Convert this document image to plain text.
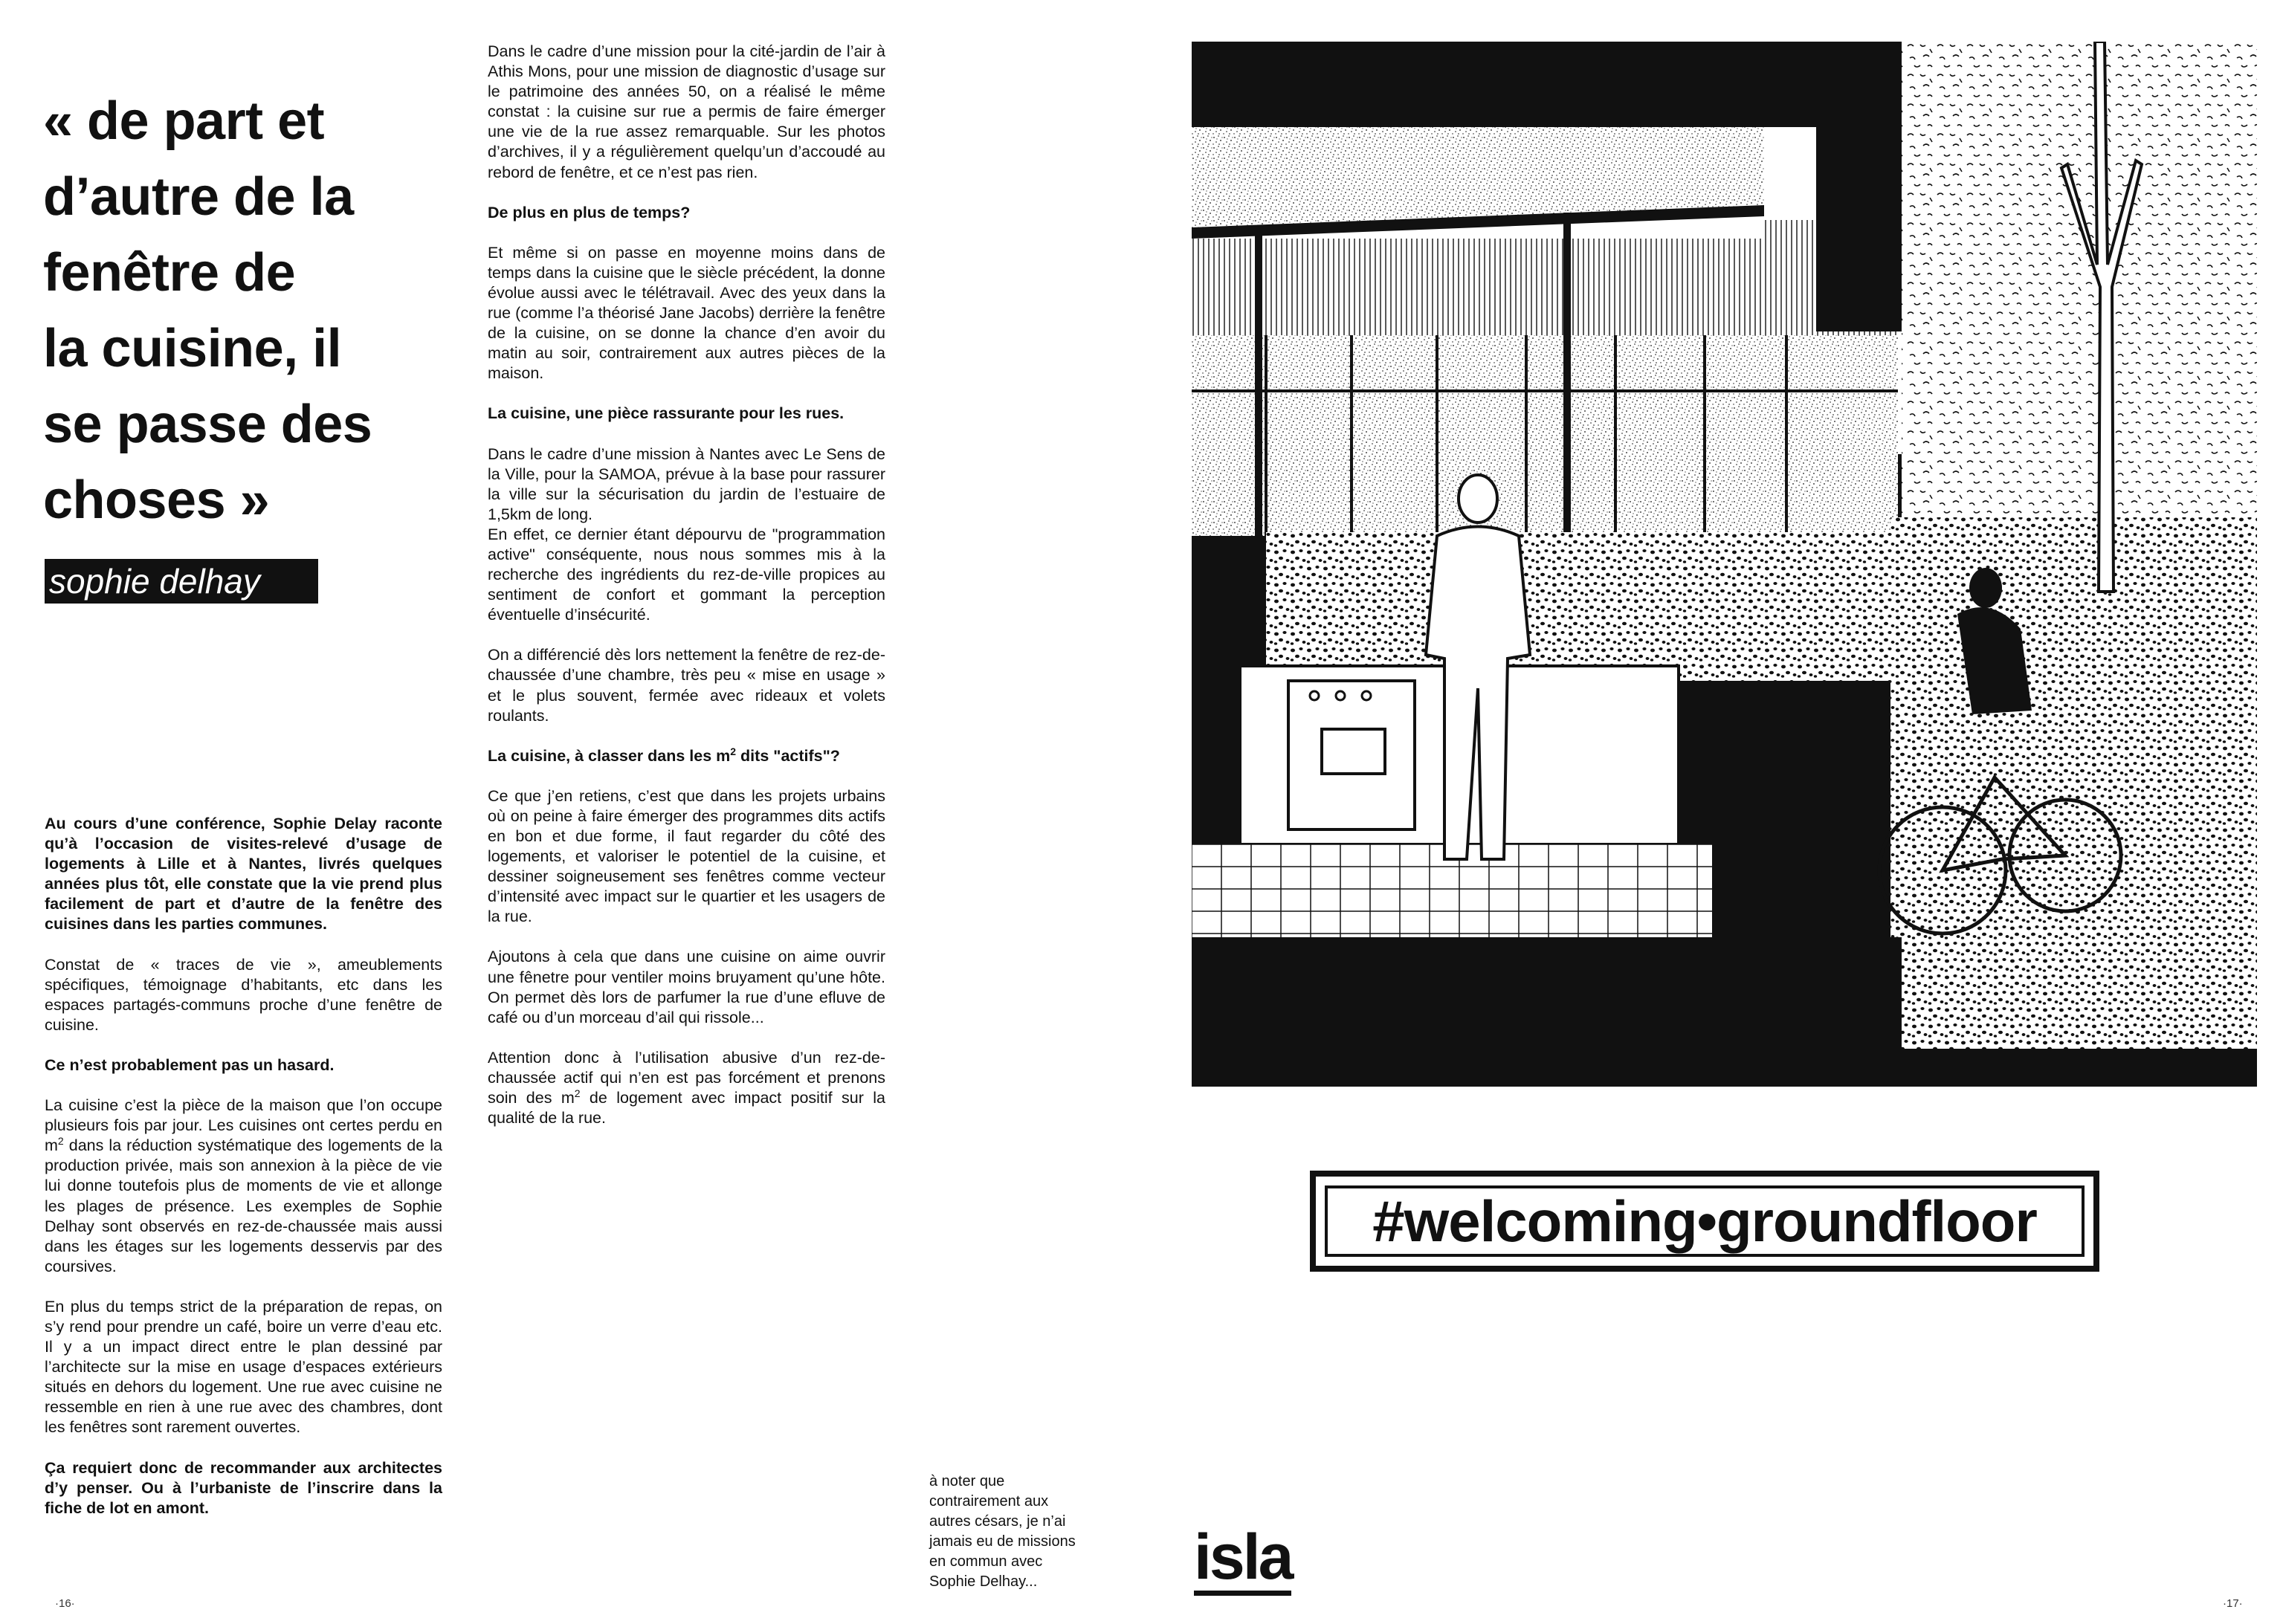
« de part et
d’autre de la
fenêtre de
la cuisine, il
se passe des
choses »
sophie delhay

Au cours d’une conférence, Sophie Delay raconte qu’à l’occasion de visites-relevé d’usage de logements à Lille et à Nantes, livrés quelques années plus tôt, elle constate que la vie prend plus facilement de part et d’autre de la fenêtre des cuisines dans les parties communes.

Constat de « traces de vie », ameublements spécifiques, témoignage d’habitants, etc dans les espaces partagés-communs proche d’une fenêtre de cuisine.

Ce n’est probablement pas un hasard.

La cuisine c’est la pièce de la maison que l’on occupe plusieurs fois par jour. Les cuisines ont certes perdu en $m^2$ dans la réduction systématique des logements de la production privée, mais son annexion à la pièce de vie lui donne toutefois plus de moments de vie et allonge les plages de présence. Les exemples de Sophie Delhay sont observés en rez-de-chaussée mais aussi dans les étages sur les logements desservis par des coursives.

En plus du temps strict de la préparation de repas, on s’y rend pour prendre un café, boire un verre d’eau etc. Il y a un impact direct entre le plan dessiné par l’architecte sur la mise en usage d’espaces extérieurs situés en dehors du logement. Une rue avec cuisine ne ressemble en rien à une rue avec des chambres, dont les fenêtres sont rarement ouvertes.

Ça requiert donc de recommander aux architectes d’y penser. Ou à l’urbaniste de l’inscrire dans la fiche de lot en amont.

Dans le cadre d’une mission pour la cité-jardin de l’air à Athis Mons, pour une mission de diagnostic d’usage sur le patrimoine des années 50, on a réalisé le même constat : la cuisine sur rue a permis de faire émerger une vie de la rue assez remarquable. Sur les photos d’archives, il y a régulièrement quelqu’un d’accoudé au rebord de fenêtre, et ce n’est pas rien.

De plus en plus de temps?

Et même si on passe en moyenne moins dans de temps dans la cuisine que le siècle précédent, la donne évolue aussi avec le télétravail. Avec des yeux dans la rue (comme l’a théorisé Jane Jacobs) derrière la fenêtre de la cuisine, on se donne la chance d’en avoir du matin au soir, contrairement aux autres pièces de la maison.

La cuisine, une pièce rassurante pour les rues.

Dans le cadre d’une mission à Nantes avec Le Sens de la Ville, pour la SAMOA, prévue à la base pour rassurer la ville sur la sécurisation du jardin de l’estuaire de 1,5km de long.
En effet, ce dernier étant dépourvu de "programmation active" conséquente, nous nous sommes mis à la recherche des ingrédients du rez-de-ville propices au sentiment de confort et gommant la perception éventuelle d’insécurité.

On a différencié dès lors nettement la fenêtre de rez-de-chaussée d’une chambre, très peu « mise en usage » et le plus souvent, fermée avec rideaux et volets roulants.

La cuisine, à classer dans les $m^2$ dits "actifs"?

Ce que j’en retiens, c’est que dans les projets urbains où on peine à faire émerger des programmes dits actifs en bon et due forme, il faut regarder du côté des logements, et valoriser le potentiel de la cuisine, et dessiner soigneusement ses fenêtres comme vecteur d’intensité avec impact sur le quartier et les usagers de la rue.

Ajoutons à cela que dans une cuisine on aime ouvrir une fênetre pour ventiler moins bruyament qu’une hôte. On permet dès lors de parfumer la rue d’une efluve de café ou d’un morceau d’ail qui rissole...

Attention donc à l’utilisation abusive d’un rez-de-chaussée actif qui n’en est pas forcément et prenons soin des $m^2$ de logement avec impact positif sur la qualité de la rue.

à noter que
contrairement aux
autres césars, je n’ai
jamais eu de missions
en commun avec
Sophie Delhay...
·16·	·17·
isla
#welcoming•groundfloor
